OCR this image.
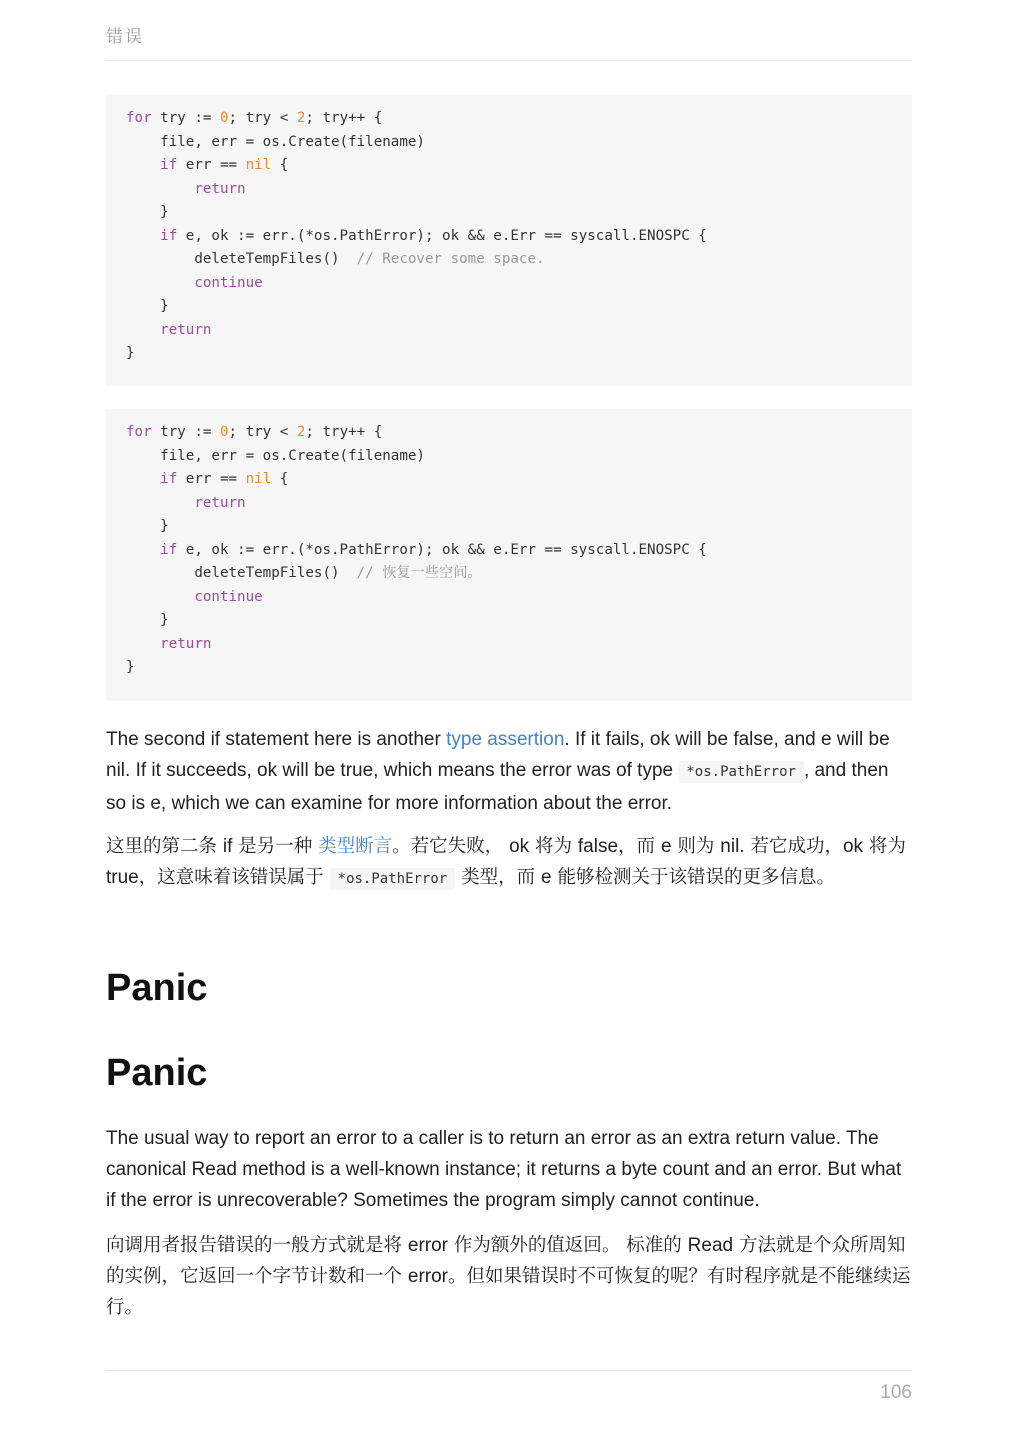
错误
for try := 0; try < 2; try++ {
file, err = os.Create(filename)
if err == nil {
return
}
if e, ok := err.(*os.PathError); ok && e.Err == syscall.ENOSPC {
deleteTempFiles()  // Recover some space.
continue
}
return
}
for try := 0; try < 2; try++ {
file, err = os.Create(filename)
if err == nil {
return
}
if e, ok := err.(*os.PathError); ok && e.Err == syscall.ENOSPC {
deleteTempFiles()  // 恢复一些空间。
continue
}
return
}

The second if statement here is another type assertion. If it fails, ok will be false, and e will be nil. If it succeeds, ok will be true, which means the error was of type *os.PathError , and then so is e, which we can examine for more information about the error.

这里的第二条 if 是另一种 类型断言。若它失败， ok 将为 false，而 e 则为 nil. 若它成功，ok 将为 true，这意味着该错误属于 *os.PathError 类型，而 e 能够检测关于该错误的更多信息。

Panic
Panic

The usual way to report an error to a caller is to return an error as an extra return value. The canonical Read method is a well-known instance; it returns a byte count and an error. But what if the error is unrecoverable? Sometimes the program simply cannot continue.

向调用者报告错误的一般方式就是将 error 作为额外的值返回。 标准的 Read 方法就是个众所周知的实例，它返回一个字节计数和一个 error。但如果错误时不可恢复的呢？有时程序就是不能继续运行。

106
